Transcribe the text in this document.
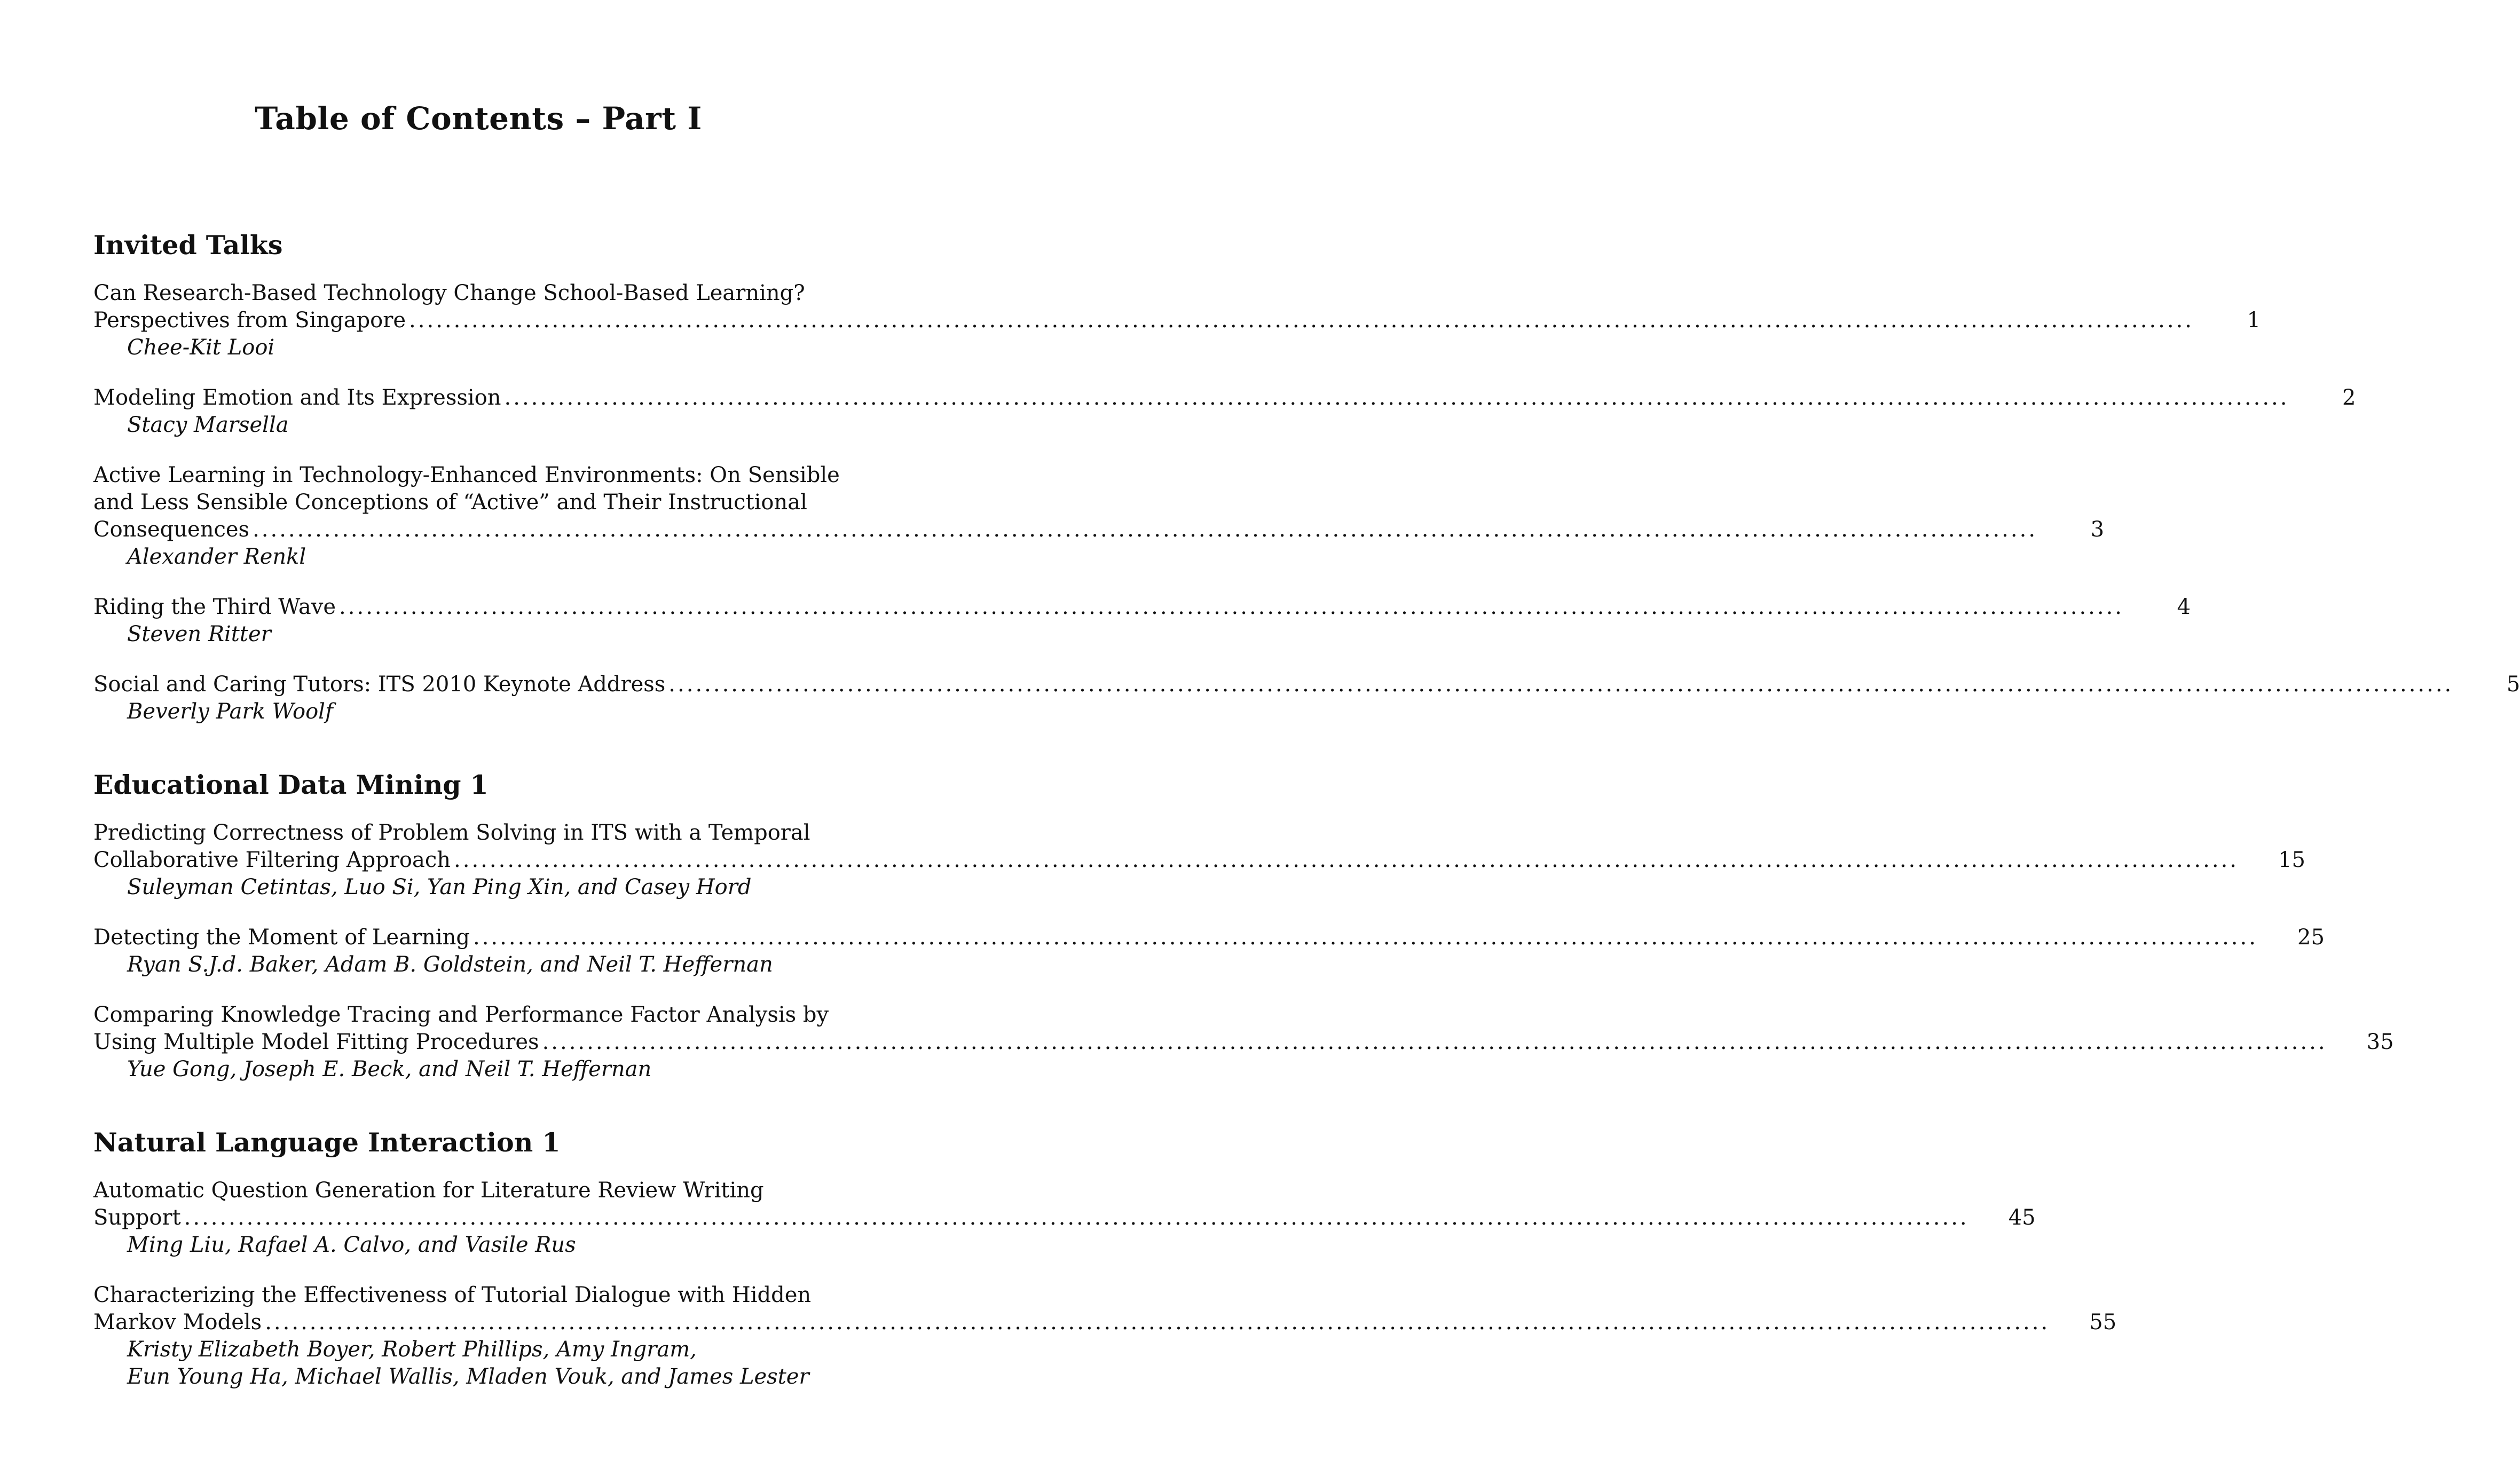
Table of Contents – Part I
Invited Talks
Can Research-Based Technology Change School-Based Learning?
Perspectives from Singapore ........................................................................................................................................................................................................	1
Chee-Kit Looi
Modeling Emotion and Its Expression ........................................................................................................................................................................................................	2
Stacy Marsella
Active Learning in Technology-Enhanced Environments: On Sensible
and Less Sensible Conceptions of “Active” and Their Instructional
Consequences ........................................................................................................................................................................................................	3
Alexander Renkl
Riding the Third Wave ........................................................................................................................................................................................................	4
Steven Ritter
Social and Caring Tutors: ITS 2010 Keynote Address ........................................................................................................................................................................................................	5
Beverly Park Woolf
Educational Data Mining 1
Predicting Correctness of Problem Solving in ITS with a Temporal
Collaborative Filtering Approach ........................................................................................................................................................................................................ 15
Suleyman Cetintas, Luo Si, Yan Ping Xin, and Casey Hord
Detecting the Moment of Learning ........................................................................................................................................................................................................ 25
Ryan S.J.d. Baker, Adam B. Goldstein, and Neil T. Heffernan
Comparing Knowledge Tracing and Performance Factor Analysis by
Using Multiple Model Fitting Procedures ........................................................................................................................................................................................................ 35
Yue Gong, Joseph E. Beck, and Neil T. Heffernan
Natural Language Interaction 1
Automatic Question Generation for Literature Review Writing
Support ........................................................................................................................................................................................................ 45
Ming Liu, Rafael A. Calvo, and Vasile Rus
Characterizing the Effectiveness of Tutorial Dialogue with Hidden
Markov Models ........................................................................................................................................................................................................ 55
Kristy Elizabeth Boyer, Robert Phillips, Amy Ingram,
Eun Young Ha, Michael Wallis, Mladen Vouk, and James Lester
